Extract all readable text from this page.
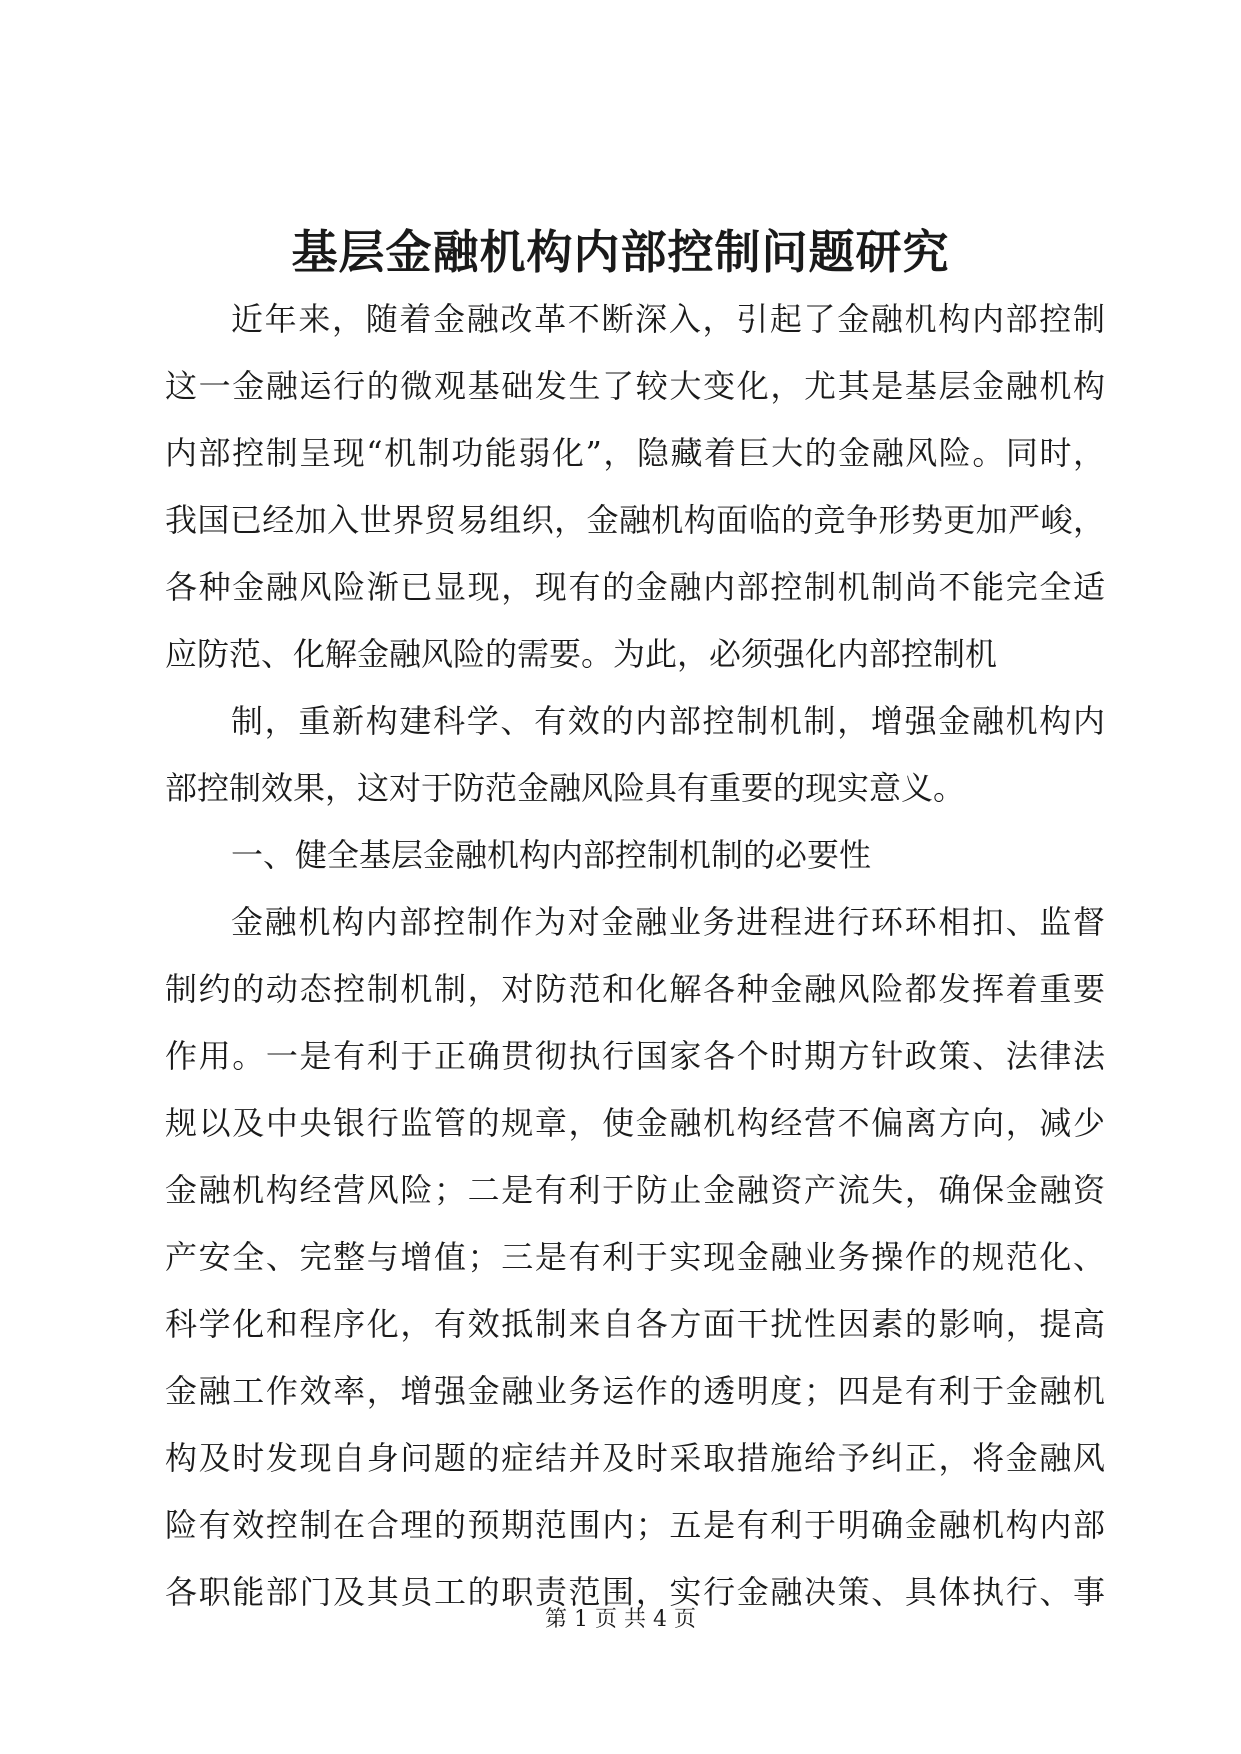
基层金融机构内部控制问题研究
近年来，随着金融改革不断深入，引起了金融机构内部控制
这一金融运行的微观基础发生了较大变化，尤其是基层金融机构
内部控制呈现“机制功能弱化”，隐藏着巨大的金融风险。同时，
我国已经加入世界贸易组织，金融机构面临的竞争形势更加严峻，
各种金融风险渐已显现，现有的金融内部控制机制尚不能完全适
应防范、化解金融风险的需要。为此，必须强化内部控制机
制，重新构建科学、有效的内部控制机制，增强金融机构内
部控制效果，这对于防范金融风险具有重要的现实意义。
一、健全基层金融机构内部控制机制的必要性
金融机构内部控制作为对金融业务进程进行环环相扣、监督
制约的动态控制机制，对防范和化解各种金融风险都发挥着重要
作用。一是有利于正确贯彻执行国家各个时期方针政策、法律法
规以及中央银行监管的规章，使金融机构经营不偏离方向，减少
金融机构经营风险；二是有利于防止金融资产流失，确保金融资
产安全、完整与增值；三是有利于实现金融业务操作的规范化、
科学化和程序化，有效抵制来自各方面干扰性因素的影响，提高
金融工作效率，增强金融业务运作的透明度；四是有利于金融机
构及时发现自身问题的症结并及时采取措施给予纠正，将金融风
险有效控制在合理的预期范围内；五是有利于明确金融机构内部
各职能部门及其员工的职责范围，实行金融决策、具体执行、事
第 1 页 共 4 页
